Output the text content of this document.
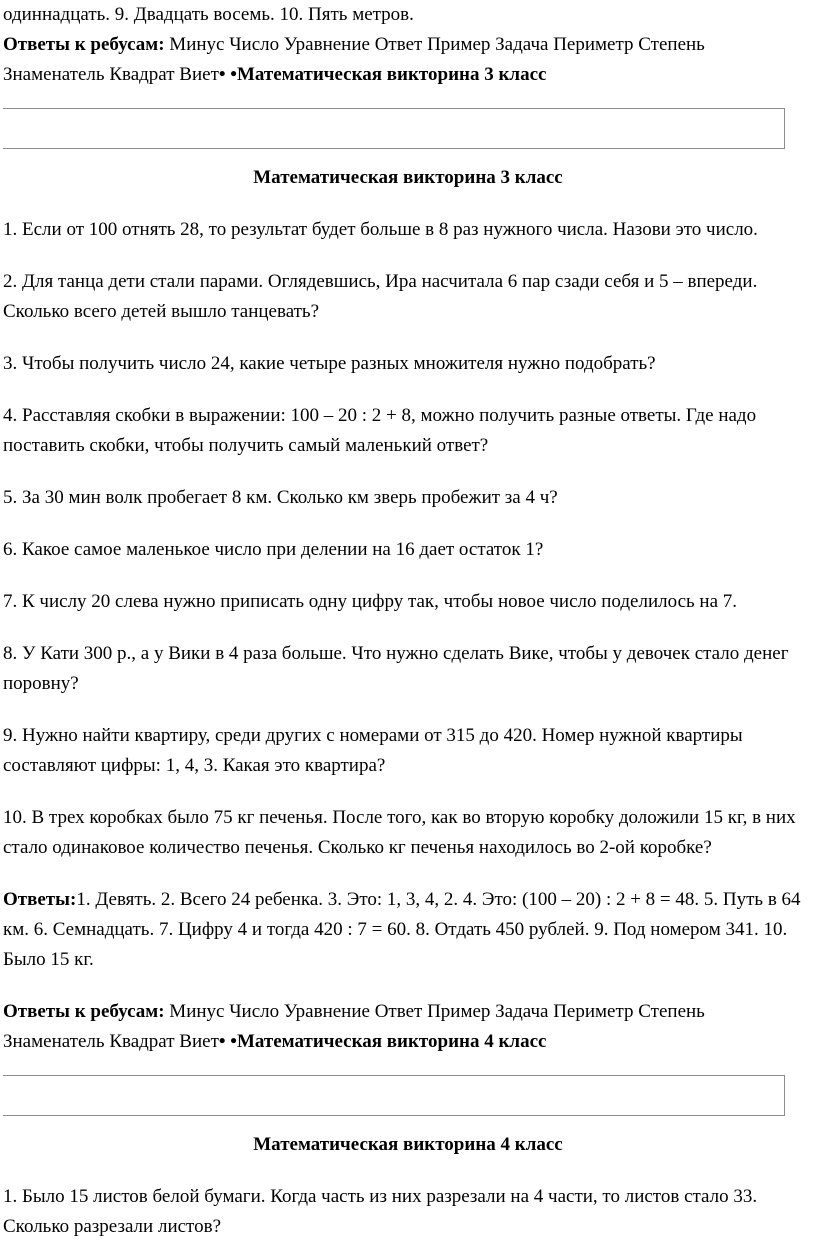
одиннадцать. 9. Двадцать восемь. 10. Пять метров.

Ответы к ребусам: Минус Число Уравнение Ответ Пример Задача Периметр Степень
Знаменатель Квадрат Виет• •Математическая викторина 3 класс

Математическая викторина 3 класс

1. Если от 100 отнять 28, то результат будет больше в 8 раз нужного числа. Назови это число.

2. Для танца дети стали парами. Оглядевшись, Ира насчитала 6 пар сзади себя и 5 – впереди. Сколько всего детей вышло танцевать?

3. Чтобы получить число 24, какие четыре разных множителя нужно подобрать?

4. Расставляя скобки в выражении: 100 – 20 : 2 + 8, можно получить разные ответы. Где надо поставить скобки, чтобы получить самый маленький ответ?

5. За 30 мин волк пробегает 8 км. Сколько км зверь пробежит за 4 ч?

6. Какое самое маленькое число при делении на 16 дает остаток 1?

7. К числу 20 слева нужно приписать одну цифру так, чтобы новое число поделилось на 7.

8. У Кати 300 р., а у Вики в 4 раза больше. Что нужно сделать Вике, чтобы у девочек стало денег поровну?

9. Нужно найти квартиру, среди других с номерами от 315 до 420. Номер нужной квартиры составляют цифры: 1, 4, 3. Какая это квартира?

10. В трех коробках было 75 кг печенья. После того, как во вторую коробку доложили 15 кг, в них стало одинаковое количество печенья. Сколько кг печенья находилось во 2-ой коробке?

Ответы:1. Девять. 2. Всего 24 ребенка. 3. Это: 1, 3, 4, 2. 4. Это: (100 – 20) : 2 + 8 = 48. 5. Путь в 64 км. 6. Семнадцать. 7. Цифру 4 и тогда 420 : 7 = 60. 8. Отдать 450 рублей. 9. Под номером 341. 10. Было 15 кг.

Ответы к ребусам: Минус Число Уравнение Ответ Пример Задача Периметр Степень
Знаменатель Квадрат Виет• •Математическая викторина 4 класс

Математическая викторина 4 класс

1. Было 15 листов белой бумаги. Когда часть из них разрезали на 4 части, то листов стало 33. Сколько разрезали листов?
